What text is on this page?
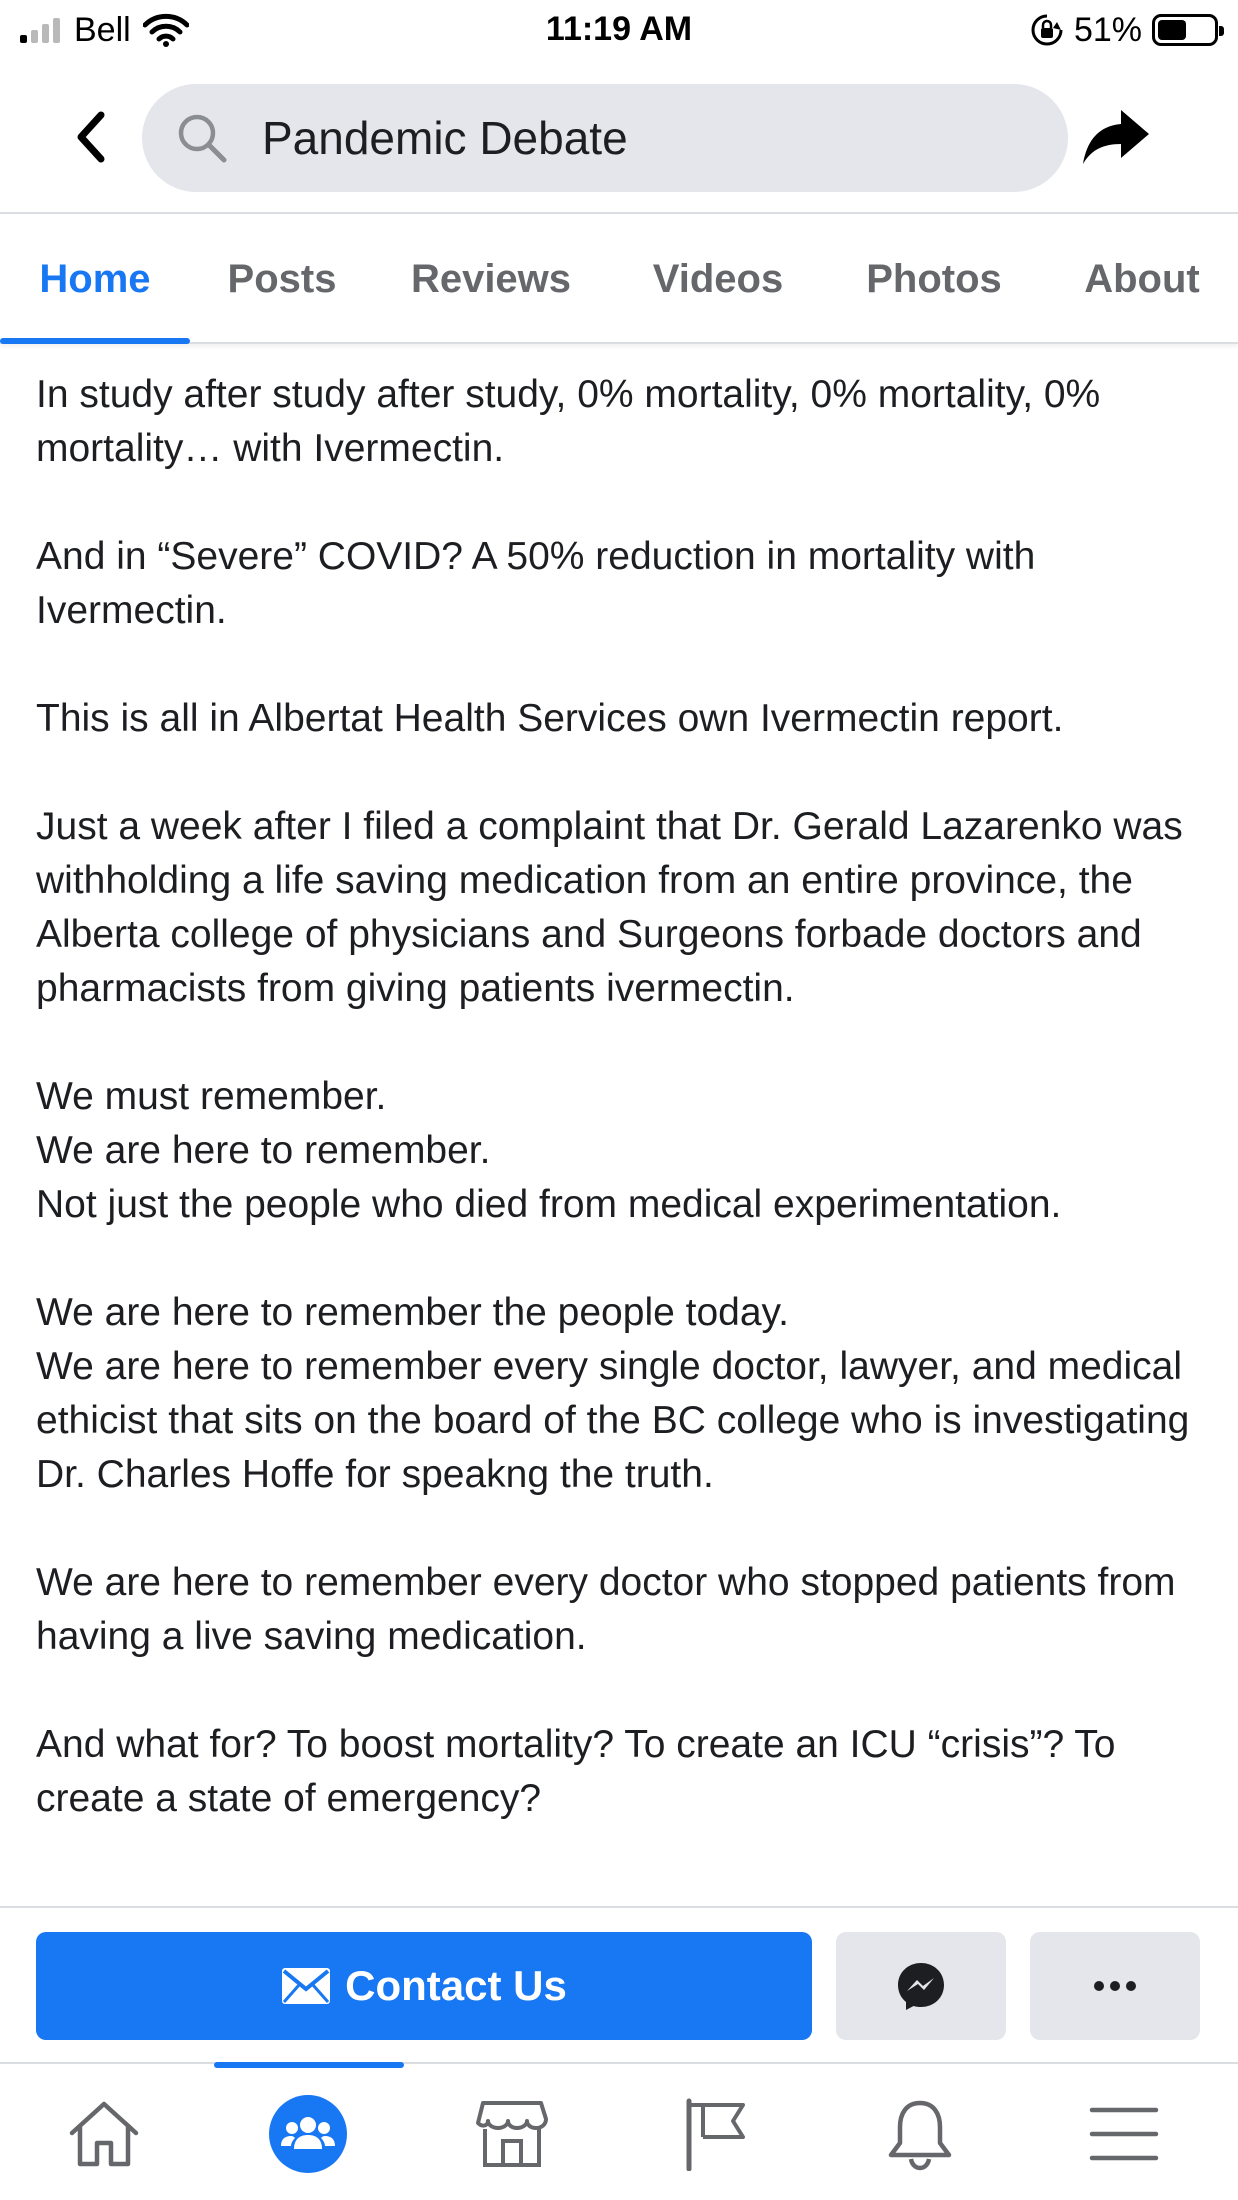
Bell	11:19 AM	51%
Pandemic Debate
Home	Posts	Reviews	Videos	Photos	About

In study after study after study, 0% mortality, 0% mortality, 0% mortality… with Ivermectin.

And in “Severe” COVID? A 50% reduction in mortality with Ivermectin.

This is all in Albertat Health Services own Ivermectin report.

Just a week after I filed a complaint that Dr. Gerald Lazarenko was withholding a life saving medication from an entire province, the Alberta college of physicians and Surgeons forbade doctors and pharmacists from giving patients ivermectin.

We must remember.
We are here to remember.
Not just the people who died from medical experimentation.

We are here to remember the people today.
We are here to remember every single doctor, lawyer, and medical ethicist that sits on the board of the BC college who is investigating Dr. Charles Hoffe for speakng the truth.

We are here to remember every doctor who stopped patients from having a live saving medication.

And what for? To boost mortality? To create an ICU “crisis”? To create a state of emergency?

Contact Us
